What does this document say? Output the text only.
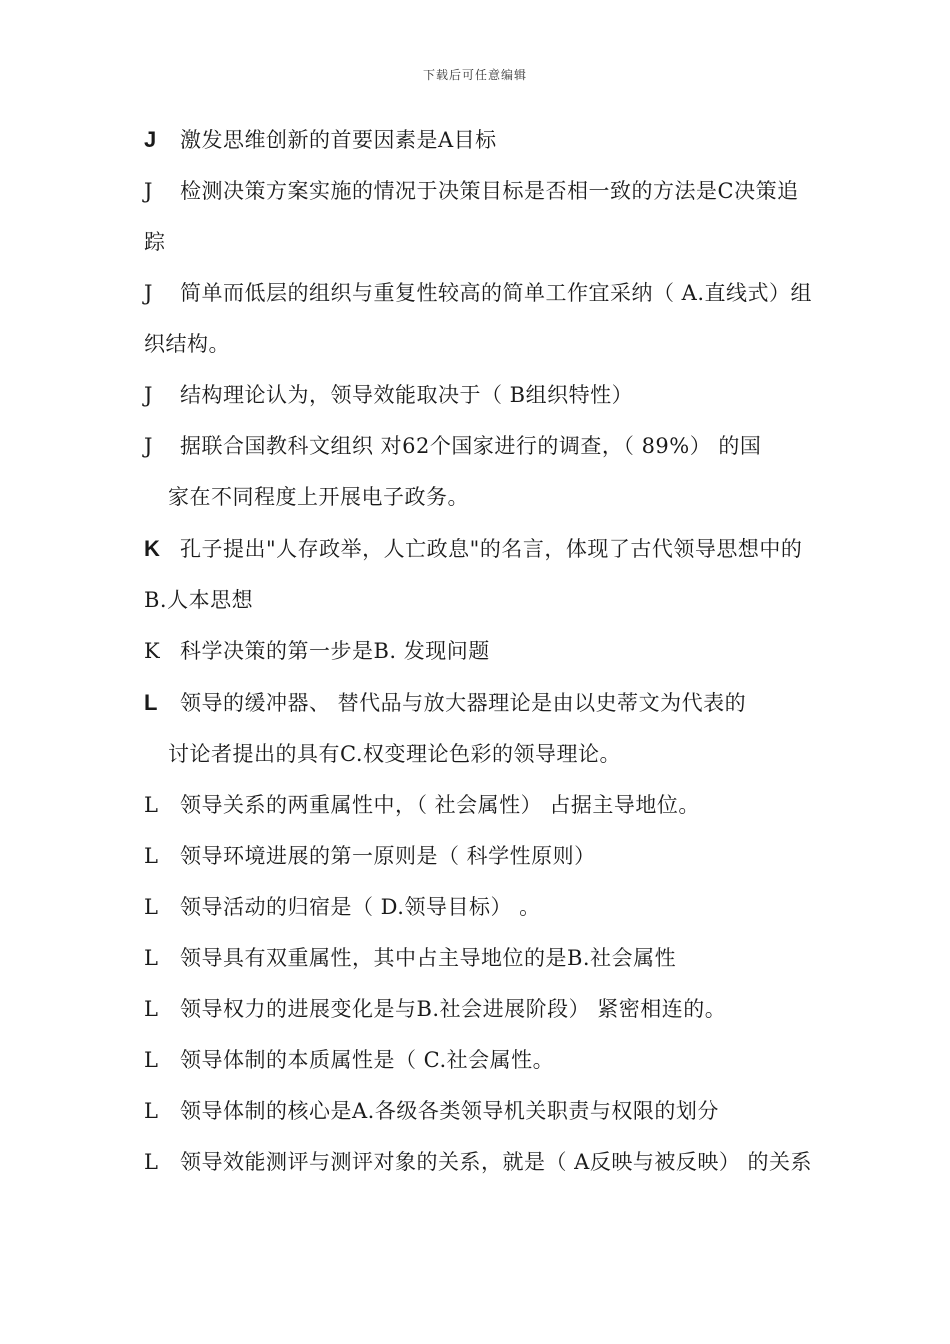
下载后可任意编辑

J 激发思维创新的首要因素是A目标

J 检测决策方案实施的情况于决策目标是否相一致的方法是C决策追踪

J 简单而低层的组织与重复性较高的简单工作宜采纳（ A.直线式）组织结构。

J 结构理论认为，领导效能取决于（ B组织特性）

J 据联合国教科文组织 对62个国家进行的调查，（ 89%） 的国
家在不同程度上开展电子政务。

K 孔子提出"人存政举，人亡政息"的名言，体现了古代领导思想中的B.人本思想

K 科学决策的第一步是B. 发现问题

L 领导的缓冲器、 替代品与放大器理论是由以史蒂文为代表的
讨论者提出的具有C.权变理论色彩的领导理论。

L 领导关系的两重属性中，（ 社会属性） 占据主导地位。

L 领导环境进展的第一原则是（ 科学性原则）

L 领导活动的归宿是（ D.领导目标） 。

L 领导具有双重属性，其中占主导地位的是B.社会属性

L 领导权力的进展变化是与B.社会进展阶段） 紧密相连的。

L 领导体制的本质属性是（ C.社会属性。

L 领导体制的核心是A.各级各类领导机关职责与权限的划分

L 领导效能测评与测评对象的关系，就是（ A反映与被反映） 的关系
